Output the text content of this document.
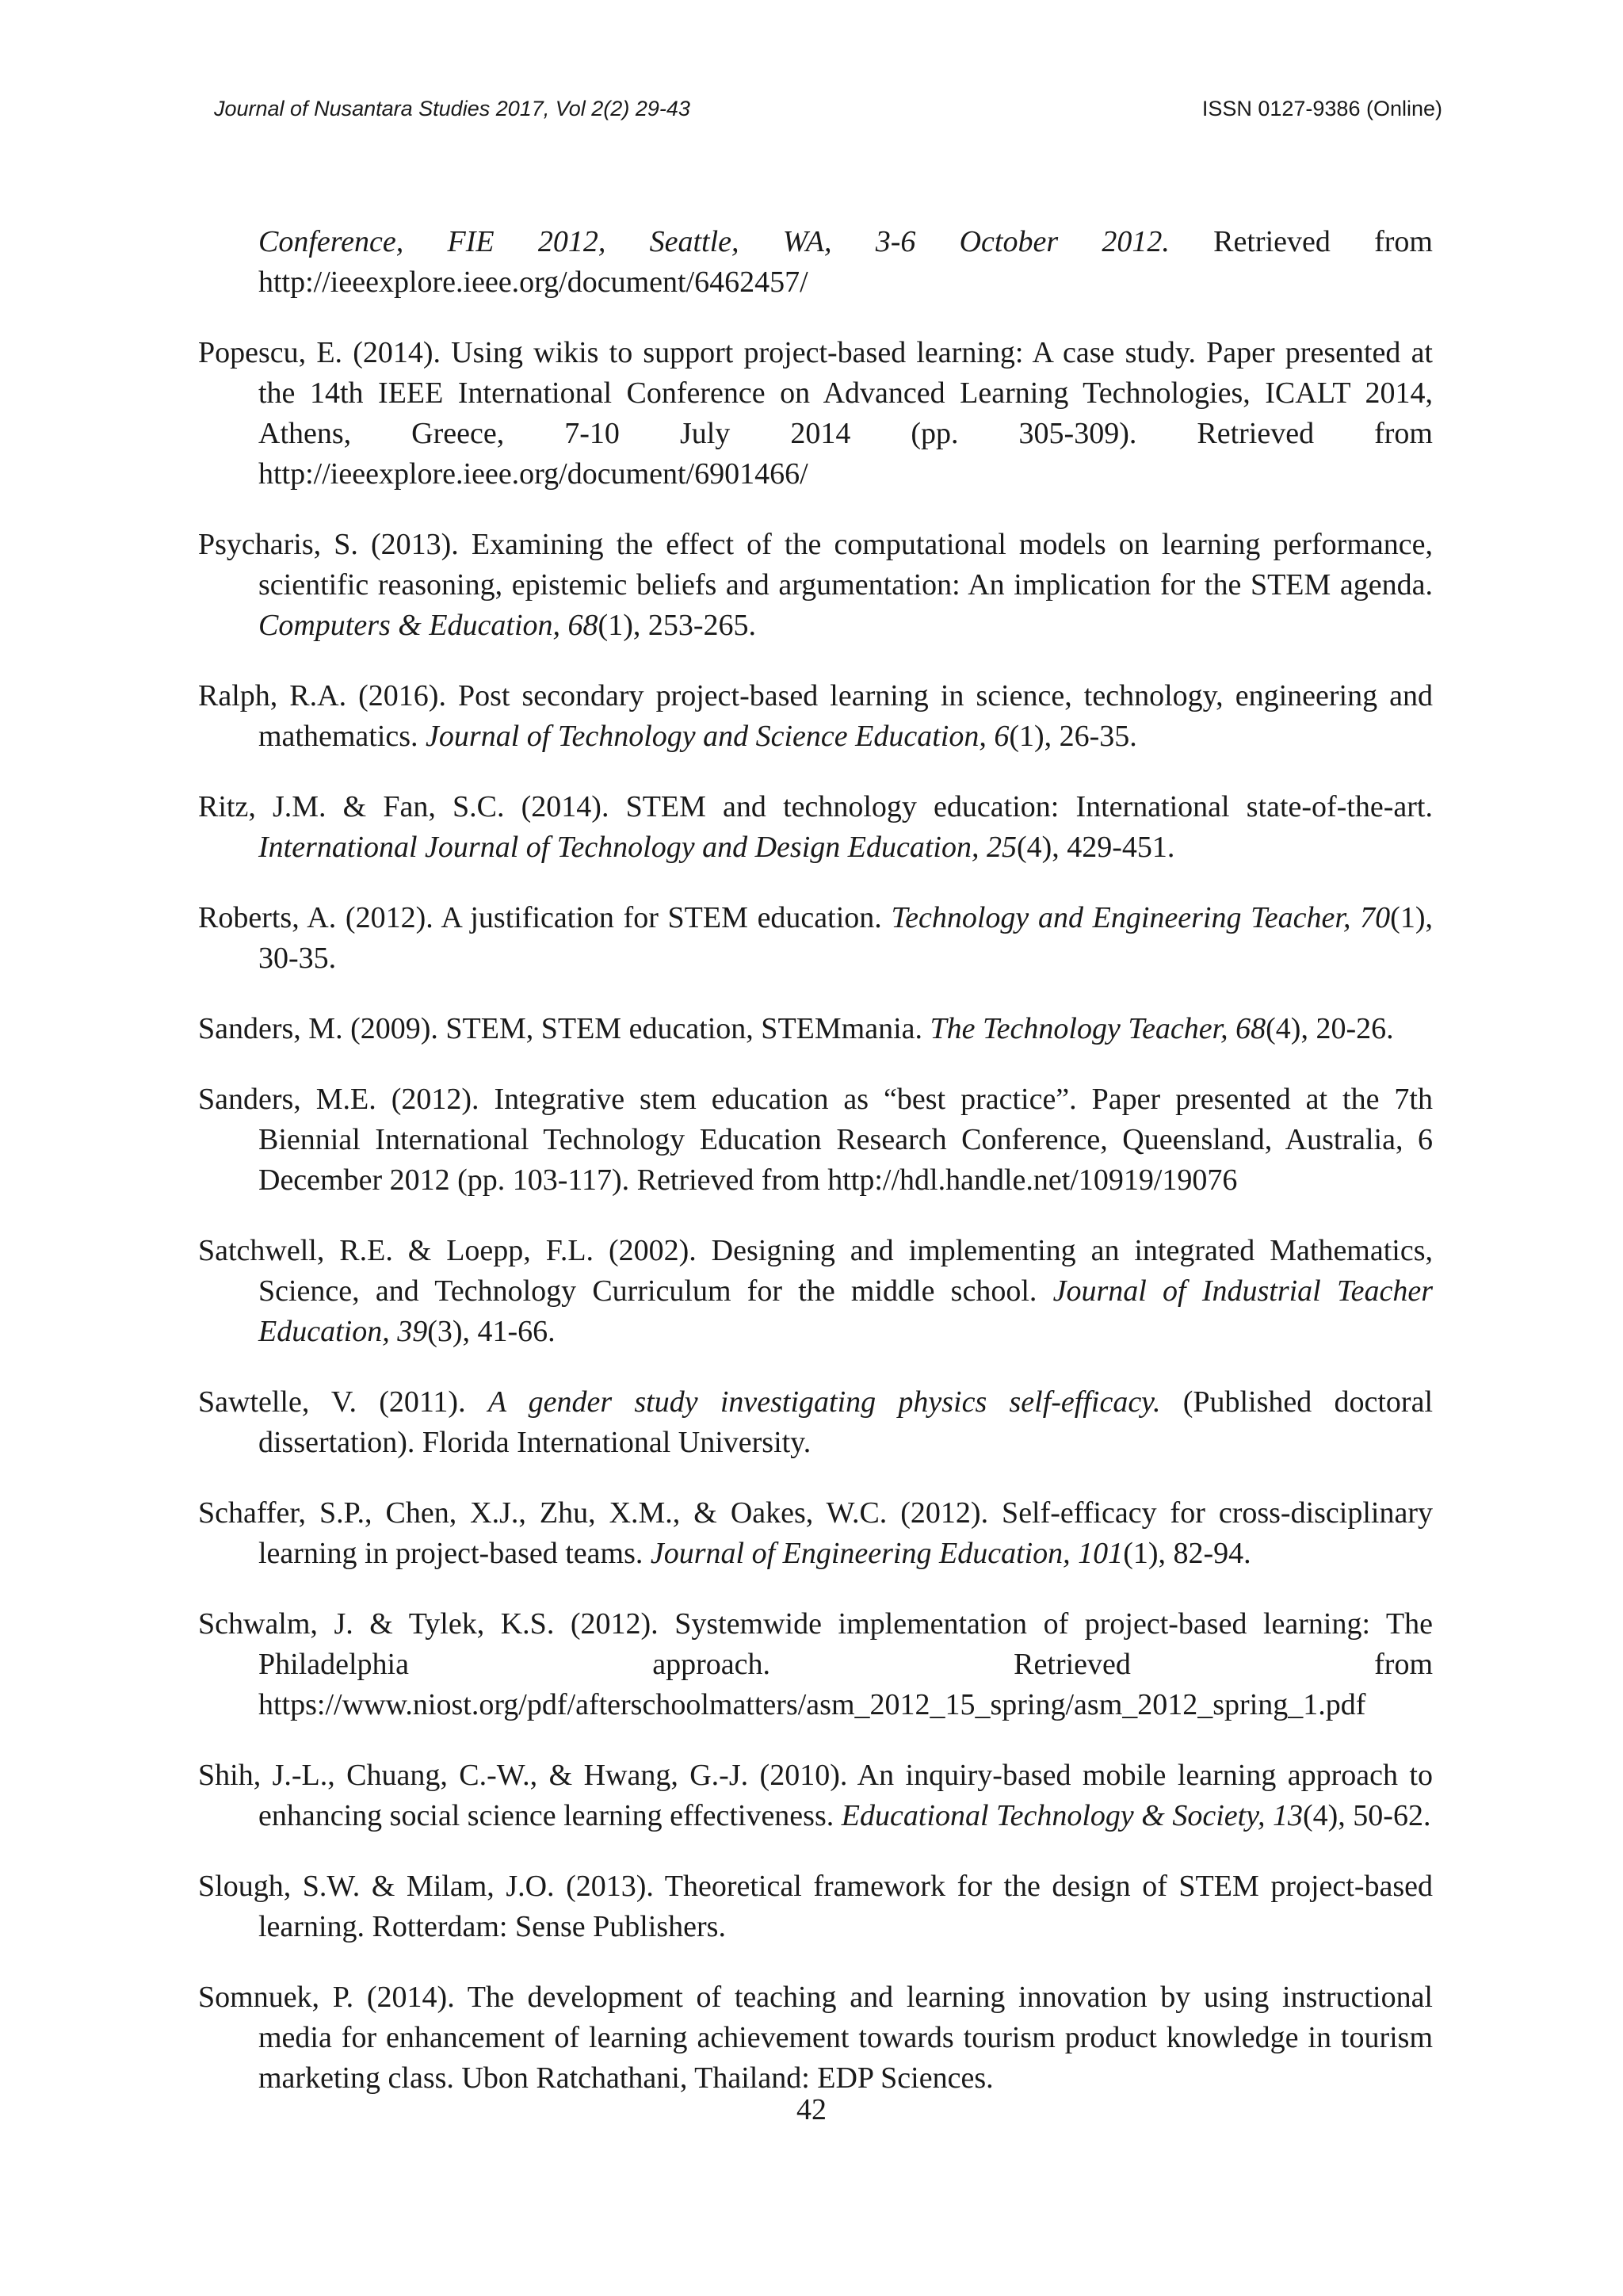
Journal of Nusantara Studies 2017, Vol 2(2) 29-43	ISSN 0127-9386 (Online)

Conference, FIE 2012, Seattle, WA, 3-6 October 2012. Retrieved from http://ieeexplore.ieee.org/document/6462457/

Popescu, E. (2014). Using wikis to support project-based learning: A case study. Paper presented at the 14th IEEE International Conference on Advanced Learning Technologies, ICALT 2014, Athens, Greece, 7-10 July 2014 (pp. 305-309). Retrieved from http://ieeexplore.ieee.org/document/6901466/

Psycharis, S. (2013). Examining the effect of the computational models on learning performance, scientific reasoning, epistemic beliefs and argumentation: An implication for the STEM agenda. Computers & Education, 68(1), 253-265.

Ralph, R.A. (2016). Post secondary project-based learning in science, technology, engineering and mathematics. Journal of Technology and Science Education, 6(1), 26-35.

Ritz, J.M. & Fan, S.C. (2014). STEM and technology education: International state-of-the-art. International Journal of Technology and Design Education, 25(4), 429-451.

Roberts, A. (2012). A justification for STEM education. Technology and Engineering Teacher, 70(1), 30-35.

Sanders, M. (2009). STEM, STEM education, STEMmania. The Technology Teacher, 68(4), 20-26.

Sanders, M.E. (2012). Integrative stem education as “best practice”. Paper presented at the 7th Biennial International Technology Education Research Conference, Queensland, Australia, 6 December 2012 (pp. 103-117). Retrieved from http://hdl.handle.net/10919/19076

Satchwell, R.E. & Loepp, F.L. (2002). Designing and implementing an integrated Mathematics, Science, and Technology Curriculum for the middle school. Journal of Industrial Teacher Education, 39(3), 41-66.

Sawtelle, V. (2011). A gender study investigating physics self-efficacy. (Published doctoral dissertation). Florida International University.

Schaffer, S.P., Chen, X.J., Zhu, X.M., & Oakes, W.C. (2012). Self-efficacy for cross-disciplinary learning in project-based teams. Journal of Engineering Education, 101(1), 82-94.

Schwalm, J. & Tylek, K.S. (2012). Systemwide implementation of project-based learning: The Philadelphia approach. Retrieved from https://www.niost.org/pdf/afterschoolmatters/asm_2012_15_spring/asm_2012_spring_1.pdf

Shih, J.-L., Chuang, C.-W., & Hwang, G.-J. (2010). An inquiry-based mobile learning approach to enhancing social science learning effectiveness. Educational Technology & Society, 13(4), 50-62.

Slough, S.W. & Milam, J.O. (2013). Theoretical framework for the design of STEM project-based learning. Rotterdam: Sense Publishers.

Somnuek, P. (2014). The development of teaching and learning innovation by using instructional media for enhancement of learning achievement towards tourism product knowledge in tourism marketing class. Ubon Ratchathani, Thailand: EDP Sciences.

42
